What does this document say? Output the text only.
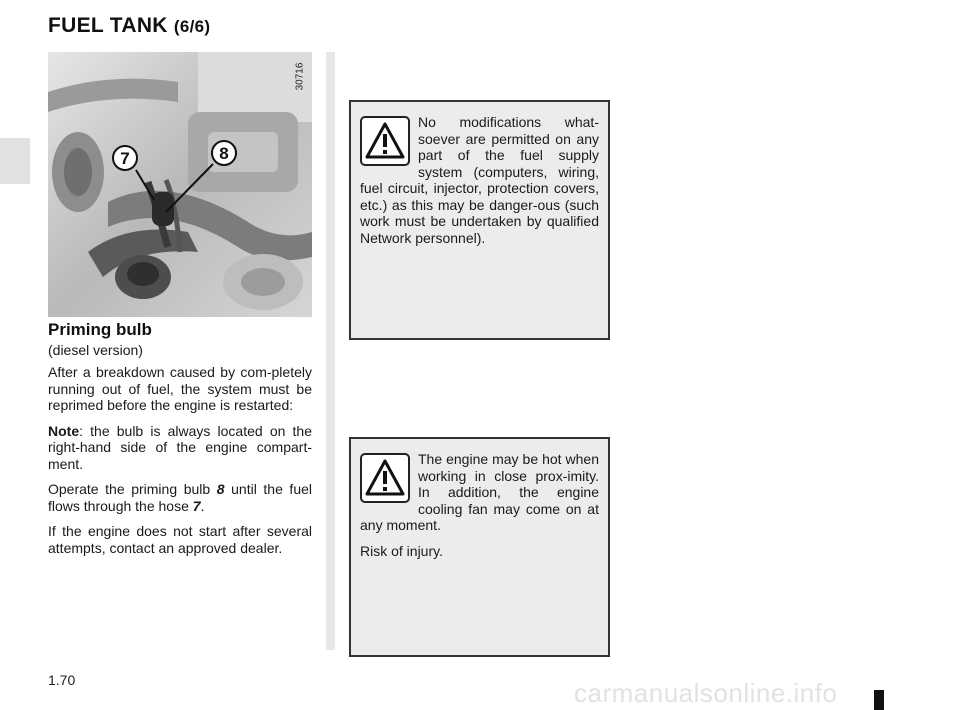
FUEL TANK (6/6)
7	8
30716
Priming bulb
(diesel version)

After a breakdown caused by com-pletely running out of fuel, the system must be reprimed before the engine is restarted:

Note: the bulb is always located on the right-hand side of the engine compart-ment.

Operate the priming bulb 8 until the fuel flows through the hose 7.

If the engine does not start after several attempts, contact an approved dealer.

No modifications what-soever are permitted on any part of the fuel supply system (computers, wiring, fuel circuit, injector, protection covers, etc.) as this may be danger-ous (such work must be undertaken by qualified Network personnel).

The engine may be hot when working in close prox-imity. In addition, the engine cooling fan may come on at any moment.

Risk of injury.

1.70	carmanualsonline.info
